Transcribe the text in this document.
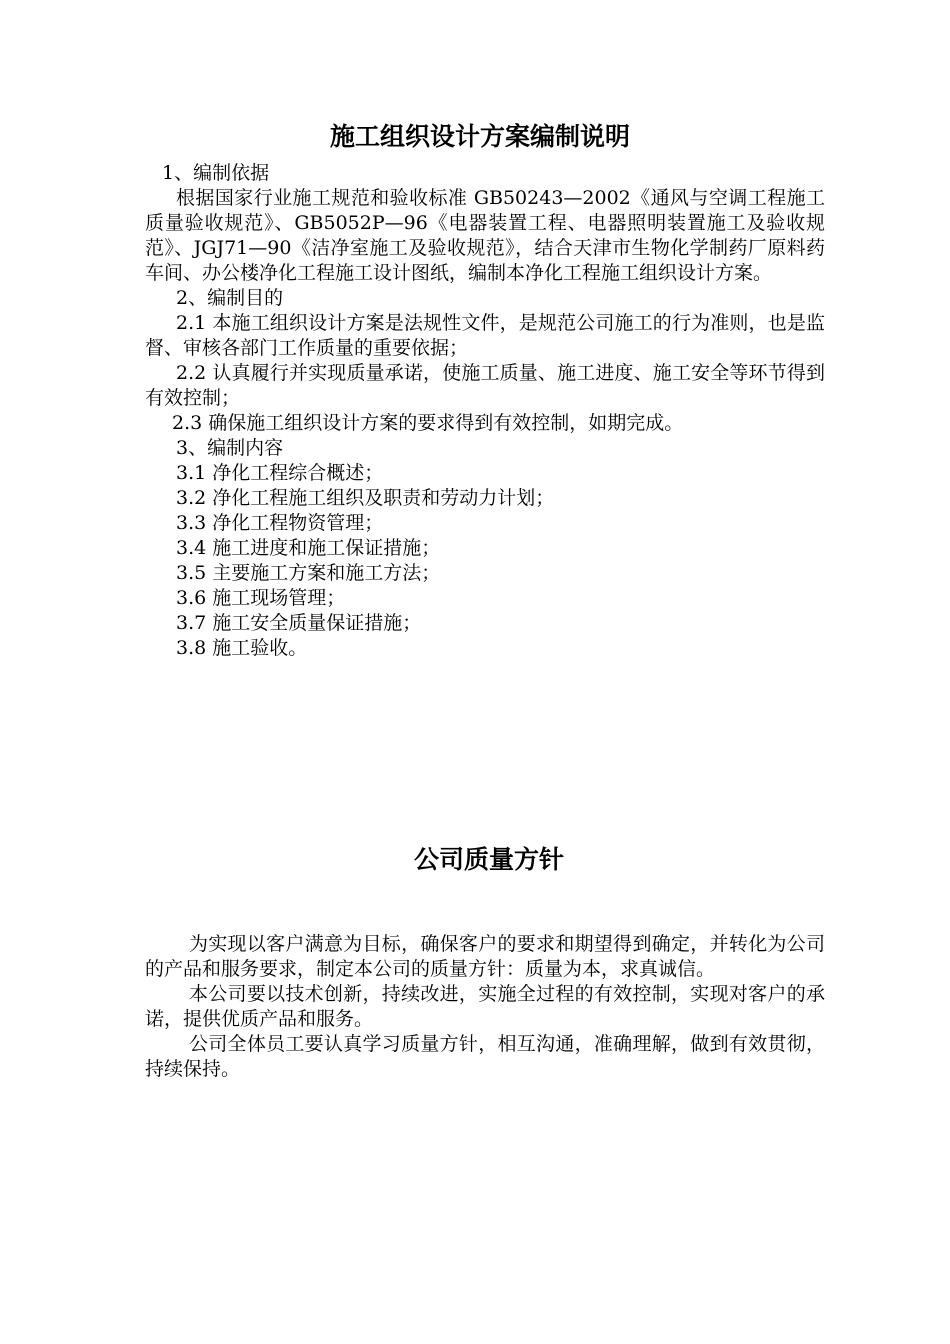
施工组织设计方案编制说明

1、编制依据

根据国家行业施工规范和验收标准 GB50243—2002《通风与空调工程施工质量验收规范》、GB5052P—96《电器装置工程、电器照明装置施工及验收规范》、JGJ71—90《洁净室施工及验收规范》，结合天津市生物化学制药厂原料药车间、办公楼净化工程施工设计图纸，编制本净化工程施工组织设计方案。

2、编制目的

2.1 本施工组织设计方案是法规性文件，是规范公司施工的行为准则，也是监督、审核各部门工作质量的重要依据；

2.2 认真履行并实现质量承诺，使施工质量、施工进度、施工安全等环节得到有效控制；

2.3 确保施工组织设计方案的要求得到有效控制，如期完成。

3、编制内容

3.1 净化工程综合概述；

3.2 净化工程施工组织及职责和劳动力计划；

3.3 净化工程物资管理；

3.4 施工进度和施工保证措施；

3.5 主要施工方案和施工方法；

3.6 施工现场管理；

3.7 施工安全质量保证措施；

3.8 施工验收。

公司质量方针

为实现以客户满意为目标，确保客户的要求和期望得到确定，并转化为公司的产品和服务要求，制定本公司的质量方针：质量为本，求真诚信。

本公司要以技术创新，持续改进，实施全过程的有效控制，实现对客户的承诺，提供优质产品和服务。

公司全体员工要认真学习质量方针，相互沟通，准确理解，做到有效贯彻，持续保持。
